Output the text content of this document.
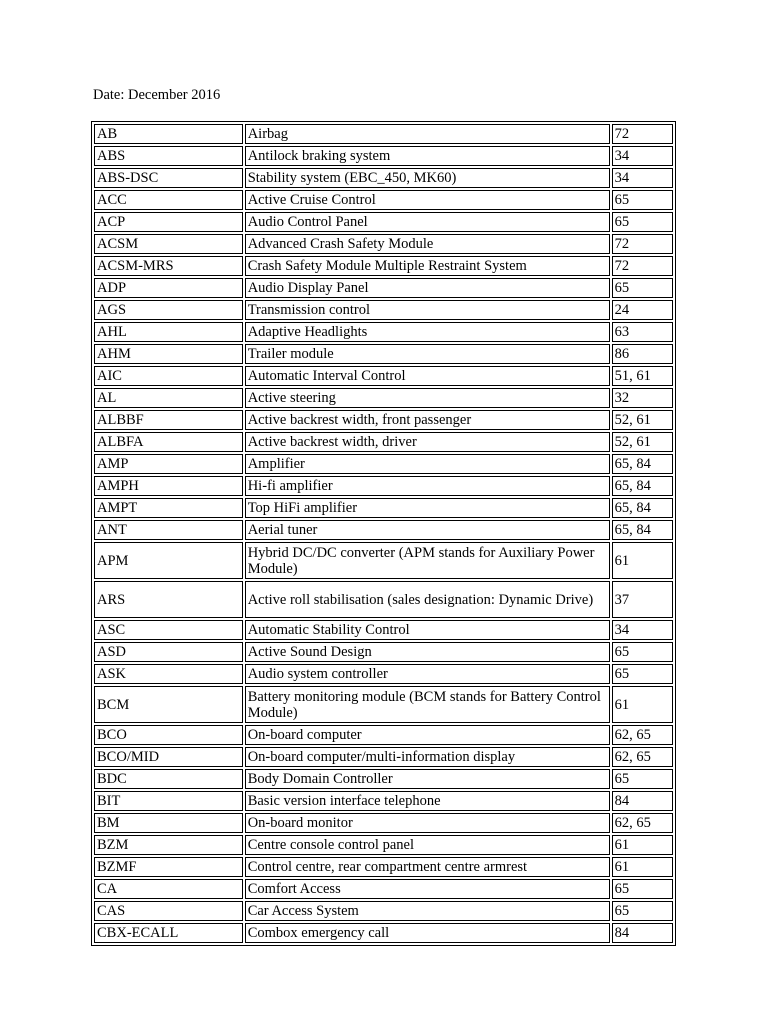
Date: December 2016
AB	Airbag	72
ABS	Antilock braking system	34
ABS-DSC	Stability system (EBC_450, MK60)	34
ACC	Active Cruise Control	65
ACP	Audio Control Panel	65
ACSM	Advanced Crash Safety Module	72
ACSM-MRS	Crash Safety Module Multiple Restraint System	72
ADP	Audio Display Panel	65
AGS	Transmission control	24
AHL	Adaptive Headlights	63
AHM	Trailer module	86
AIC	Automatic Interval Control	51, 61
AL	Active steering	32
ALBBF	Active backrest width, front passenger	52, 61
ALBFA	Active backrest width, driver	52, 61
AMP	Amplifier	65, 84
AMPH	Hi-fi amplifier	65, 84
AMPT	Top HiFi amplifier	65, 84
ANT	Aerial tuner	65, 84
APM	Hybrid DC/DC converter (APM stands for Auxiliary Power Module)	61
ARS	Active roll stabilisation (sales designation: Dynamic Drive)	37
ASC	Automatic Stability Control	34
ASD	Active Sound Design	65
ASK	Audio system controller	65
BCM	Battery monitoring module (BCM stands for Battery Control Module)	61
BCO	On-board computer	62, 65
BCO/MID	On-board computer/multi-information display	62, 65
BDC	Body Domain Controller	65
BIT	Basic version interface telephone	84
BM	On-board monitor	62, 65
BZM	Centre console control panel	61
BZMF	Control centre, rear compartment centre armrest	61
CA	Comfort Access	65
CAS	Car Access System	65
CBX-ECALL	Combox emergency call	84
